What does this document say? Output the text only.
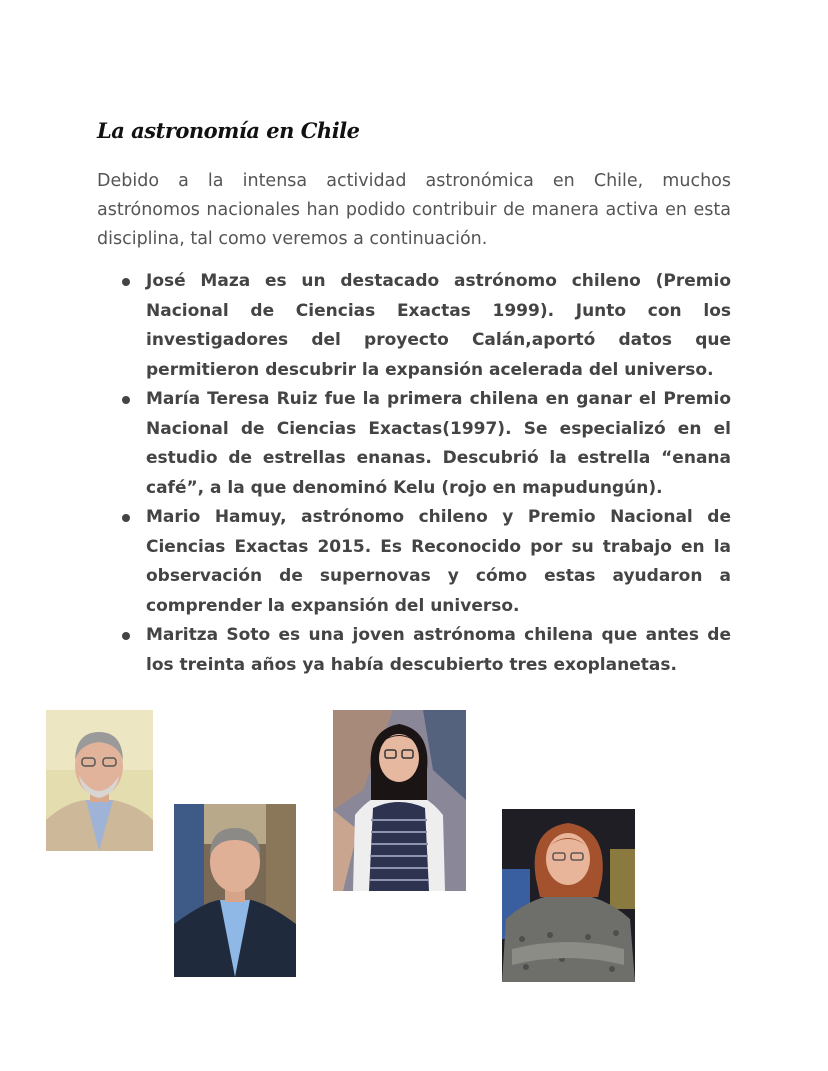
La astronomía en Chile

Debido a la intensa actividad astronómica en Chile, muchos astrónomos nacionales han podido contribuir de manera activa en esta disciplina, tal como veremos a continuación.

José Maza es un destacado astrónomo chileno (Premio Nacional de Ciencias Exactas 1999). Junto con los investigadores del proyecto Calán,aportó datos que permitieron descubrir la expansión acelerada del universo.
María Teresa Ruiz fue la primera chilena en ganar el Premio Nacional de Ciencias Exactas(1997). Se especializó en el estudio de estrellas enanas. Descubrió la estrella “enana café”, a la que denominó Kelu (rojo en mapudungún).
Mario Hamuy, astrónomo chileno y Premio Nacional de Ciencias Exactas 2015. Es Reconocido por su trabajo en la observación de supernovas y cómo estas ayudaron a comprender la expansión del universo.
Maritza Soto es una joven astrónoma chilena que antes de los treinta años ya había descubierto tres exoplanetas.
